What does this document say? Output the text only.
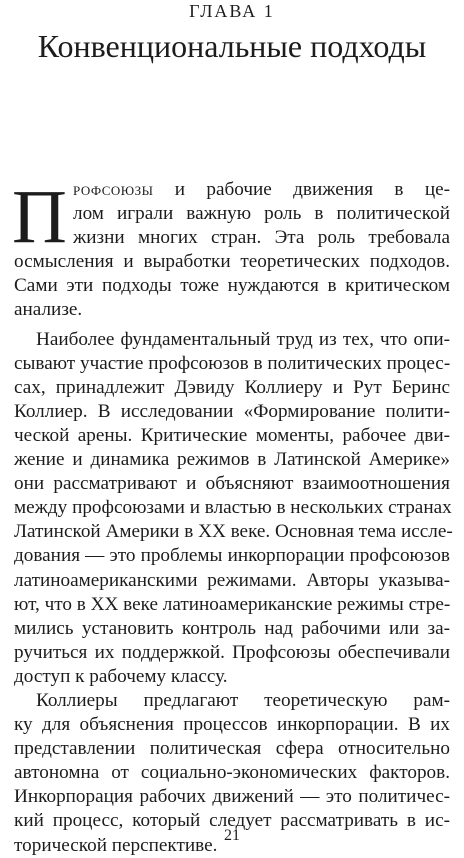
ГЛАВА 1
Конвенциональные подходы
П рофсоюзы и рабочие движения в це-
лом играли важную роль в политической
жизни многих стран. Эта роль требовала
осмысления и выработки теоретических подходов.
Сами эти подходы тоже нуждаются в критическом
анализе.
Наиболее фундаментальный труд из тех, что опи-
сывают участие профсоюзов в политических процес-
сах, принадлежит Дэвиду Коллиеру и Рут Беринс
Коллиер. В исследовании «Формирование полити-
ческой арены. Критические моменты, рабочее дви-
жение и динамика режимов в Латинской Америке»
они рассматривают и объясняют взаимоотношения
между профсоюзами и властью в нескольких странах
Латинской Америки в XX веке. Основная тема иссле-
дования — это проблемы инкорпорации профсоюзов
латиноамериканскими режимами. Авторы указыва-
ют, что в XX веке латиноамериканские режимы стре-
мились установить контроль над рабочими или за-
ручиться их поддержкой. Профсоюзы обеспечивали
доступ к рабочему классу.
Коллиеры предлагают теоретическую рам-
ку для объяснения процессов инкорпорации. В их
представлении политическая сфера относительно
автономна от социально-экономических факторов.
Инкорпорация рабочих движений — это политичес-
кий процесс, который следует рассматривать в ис-
торической перспективе. 21
